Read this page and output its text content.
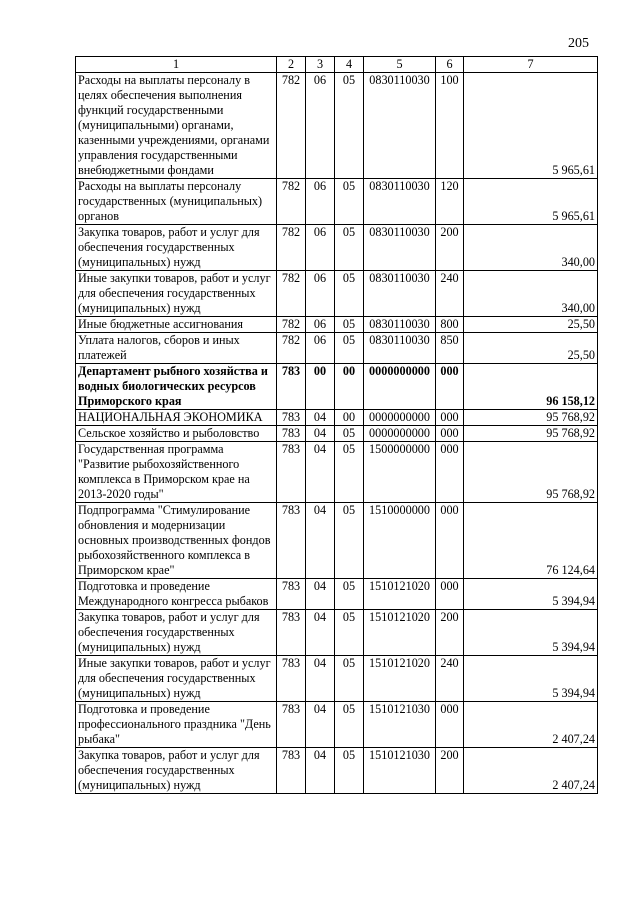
205
1	2	3	4	5	6	7
Расходы на выплаты персоналу в целях обеспечения выполнения функций государственными (муниципальными) органами, казенными учреждениями, органами управления государственными внебюджетными фондами	782	06	05	0830110030	100	5 965,61
Расходы на выплаты персоналу государственных (муниципальных) органов	782	06	05	0830110030	120	5 965,61
Закупка товаров, работ и услуг для обеспечения государственных (муниципальных) нужд	782	06	05	0830110030	200	340,00
Иные закупки товаров, работ и услуг для обеспечения государственных (муниципальных) нужд	782	06	05	0830110030	240	340,00
Иные бюджетные ассигнования	782	06	05	0830110030	800	25,50
Уплата налогов, сборов и иных платежей	782	06	05	0830110030	850	25,50
Департамент рыбного хозяйства и водных биологических ресурсов Приморского края	783	00	00	0000000000	000	96 158,12
НАЦИОНАЛЬНАЯ ЭКОНОМИКА	783	04	00	0000000000	000	95 768,92
Сельское хозяйство и рыболовство	783	04	05	0000000000	000	95 768,92
Государственная программа "Развитие рыбохозяйственного комплекса в Приморском крае на 2013-2020 годы"	783	04	05	1500000000	000	95 768,92
Подпрограмма "Стимулирование обновления и модернизации основных производственных фондов рыбохозяйственного комплекса в Приморском крае"	783	04	05	1510000000	000	76 124,64
Подготовка и проведение Международного конгресса рыбаков	783	04	05	1510121020	000	5 394,94
Закупка товаров, работ и услуг для обеспечения государственных (муниципальных) нужд	783	04	05	1510121020	200	5 394,94
Иные закупки товаров, работ и услуг для обеспечения государственных (муниципальных) нужд	783	04	05	1510121020	240	5 394,94
Подготовка и проведение профессионального праздника "День рыбака"	783	04	05	1510121030	000	2 407,24
Закупка товаров, работ и услуг для обеспечения государственных (муниципальных) нужд	783	04	05	1510121030	200	2 407,24
